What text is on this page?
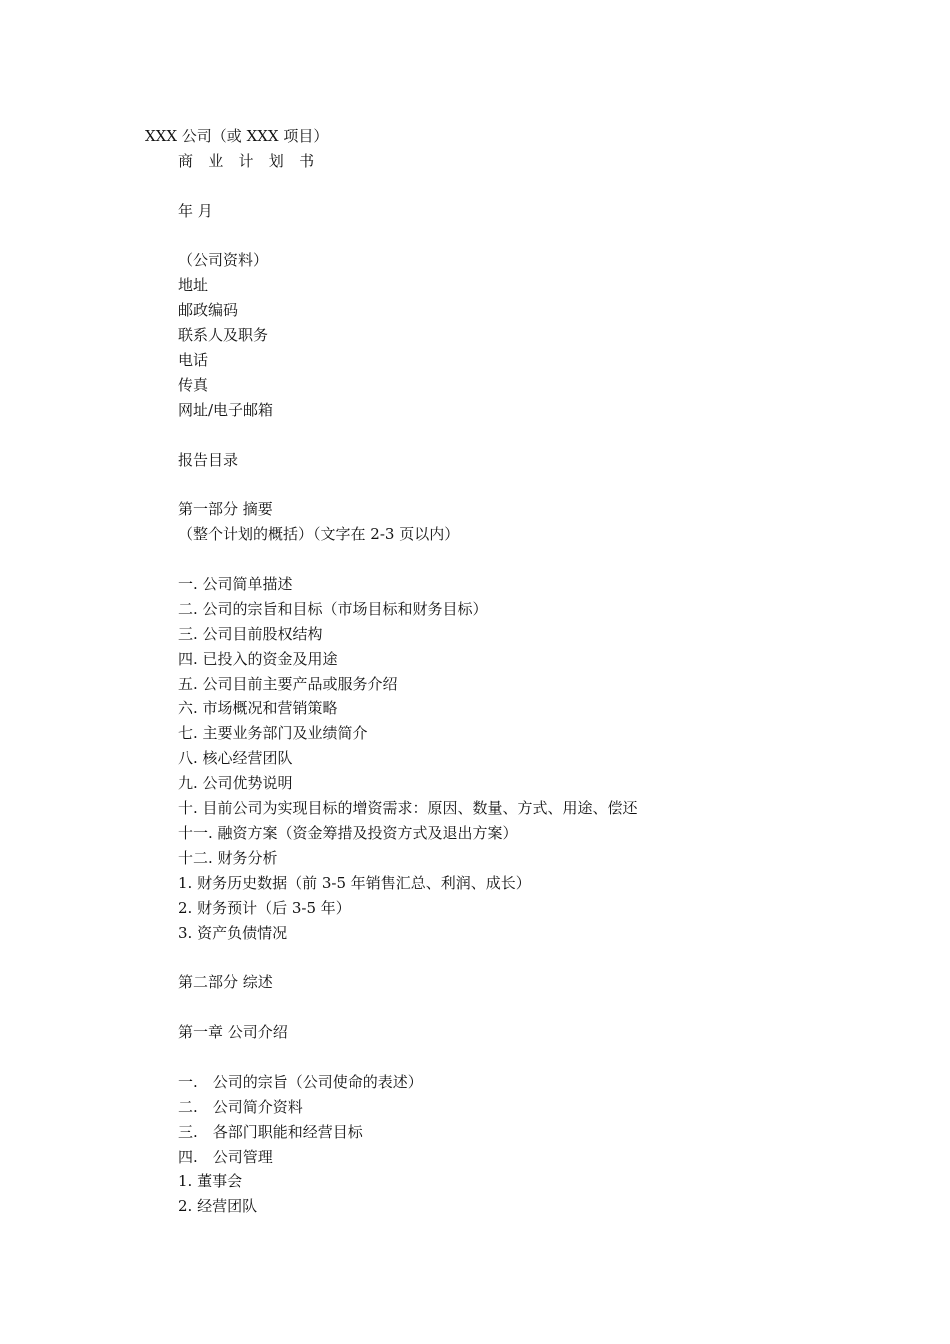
XXX 公司（或 XXX 项目）
商 业 计 划 书
年 月
（公司资料）
地址
邮政编码
联系人及职务
电话
传真
网址/电子邮箱
报告目录
第一部分 摘要
（整个计划的概括）（文字在 2-3 页以内）
一. 公司简单描述
二. 公司的宗旨和目标（市场目标和财务目标）
三. 公司目前股权结构
四. 已投入的资金及用途
五. 公司目前主要产品或服务介绍
六. 市场概况和营销策略
七. 主要业务部门及业绩简介
八. 核心经营团队
九. 公司优势说明
十. 目前公司为实现目标的增资需求：原因、数量、方式、用途、偿还
十一. 融资方案（资金筹措及投资方式及退出方案）
十二. 财务分析
1. 财务历史数据（前 3-5 年销售汇总、利润、成长）
2. 财务预计（后 3-5 年）
3. 资产负债情况
第二部分 综述
第一章 公司介绍
一.　公司的宗旨（公司使命的表述）
二.　公司简介资料
三.　各部门职能和经营目标
四.　公司管理
1. 董事会
2. 经营团队
